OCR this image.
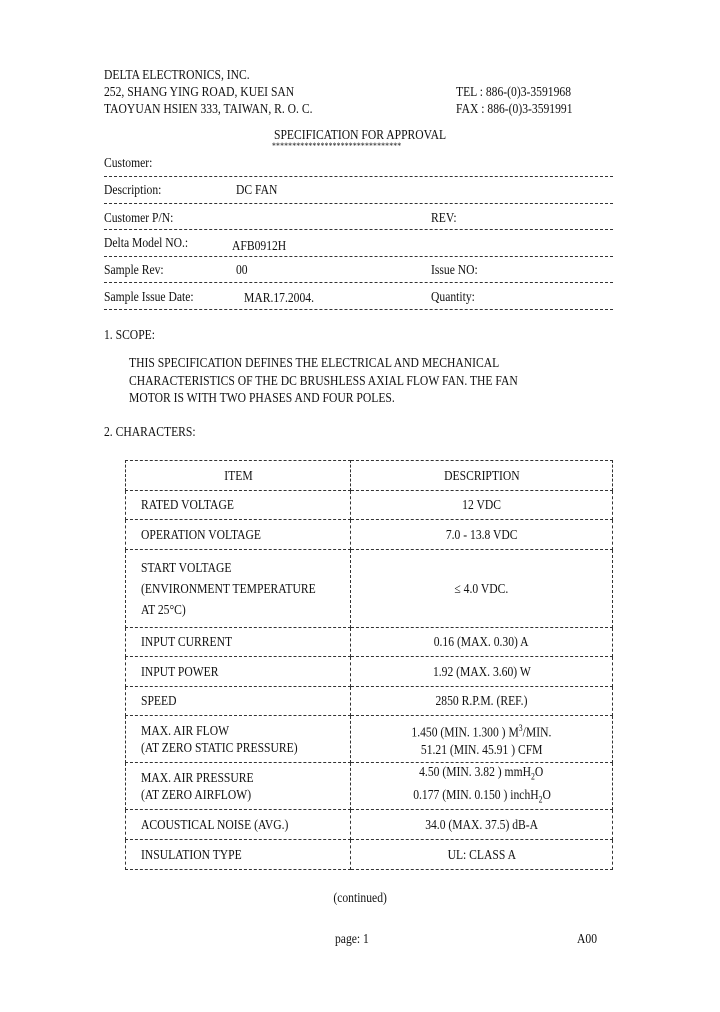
DELTA ELECTRONICS, INC.
252, SHANG YING ROAD, KUEI SAN
TAOYUAN HSIEN 333, TAIWAN, R. O. C.
TEL : 886-(0)3-3591968
FAX : 886-(0)3-3591991
SPECIFICATION FOR APPROVAL
********************************
Customer:
Description:	DC FAN
Customer P/N:	REV:
Delta Model NO.:	AFB0912H
Sample Rev:	00	Issue NO:
Sample Issue Date:	MAR.17.2004.	Quantity:
1. SCOPE:
THIS SPECIFICATION DEFINES THE ELECTRICAL AND MECHANICAL
CHARACTERISTICS OF THE DC BRUSHLESS AXIAL FLOW FAN. THE FAN
MOTOR IS WITH TWO PHASES AND FOUR POLES.
2. CHARACTERS:
ITEM	DESCRIPTION
RATED VOLTAGE	12 VDC
OPERATION VOLTAGE	7.0 - 13.8 VDC
START VOLTAGE
(ENVIRONMENT TEMPERATURE
AT 25°C)	≤ 4.0 VDC.
INPUT CURRENT	0.16 (MAX. 0.30) A
INPUT POWER	1.92 (MAX. 3.60) W
SPEED	2850 R.P.M. (REF.)
MAX. AIR FLOW
(AT ZERO STATIC PRESSURE)	1.450 (MIN. 1.300 ) $M^3$/MIN.
51.21 (MIN. 45.91 ) CFM
MAX. AIR PRESSURE
(AT ZERO AIRFLOW)	4.50 (MIN. 3.82 ) mmH$_2$O
0.177 (MIN. 0.150 ) inchH$_2$O
ACOUSTICAL NOISE (AVG.)	34.0 (MAX. 37.5) dB-A
INSULATION TYPE	UL: CLASS A
(continued)
page: 1	A00
